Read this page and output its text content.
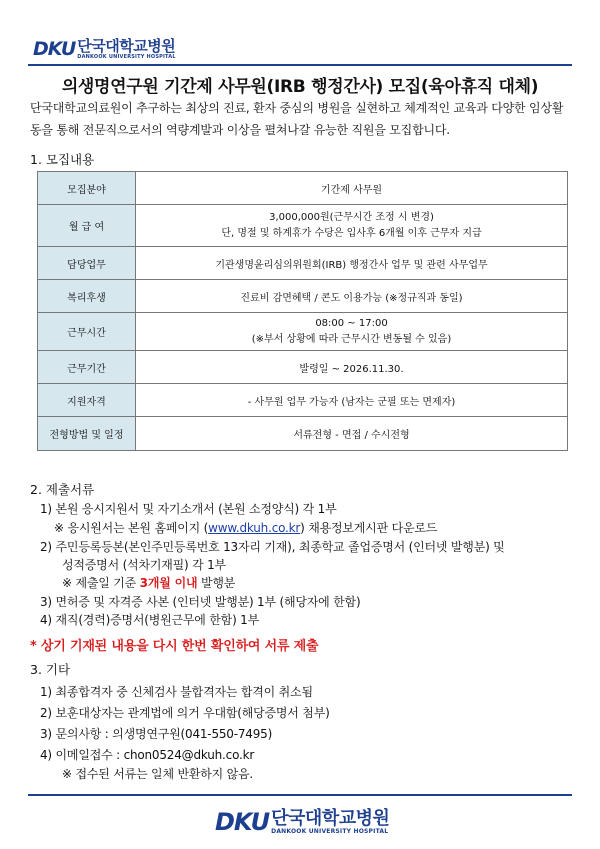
DKU 단국대학교병원
DANKOOK UNIVERSITY HOSPITAL
의생명연구원 기간제 사무원(IRB 행정간사) 모집(육아휴직 대체)
단국대학교의료원이 추구하는 최상의 진료, 환자 중심의 병원을 실현하고 체계적인 교육과 다양한 임상활동을 통해 전문직으로서의 역량계발과 이상을 펼쳐나갈 유능한 직원을 모집합니다.
1. 모집내용
모집분야	기간제 사무원
월 급 여	3,000,000원(근무시간 조정 시 변경)
단, 명절 및 하계휴가 수당은 입사후 6개월 이후 근무자 지급

담당업무	기관생명윤리심의위원회(IRB) 행정간사 업무 및 관련 사무업무
복리후생	진료비 감면혜택 / 콘도 이용가능 (※정규직과 동일)
근무시간	08:00 ~ 17:00
(※부서 상황에 따라 근무시간 변동될 수 있음)

근무기간	발령일 ~ 2026.11.30.
지원자격	- 사무원 업무 가능자 (남자는 군필 또는 면제자)
전형방법 및 일정	서류전형 - 면접 / 수시전형
2. 제출서류
1) 본원 응시지원서 및 자기소개서 (본원 소정양식) 각 1부
※ 응시원서는 본원 홈페이지 (www.dkuh.co.kr) 채용정보게시판 다운로드
2) 주민등록등본(본인주민등록번호 13자리 기재), 최종학교 졸업증명서 (인터넷 발행분) 및
성적증명서 (석차기재필) 각 1부
※ 제출일 기준 3개월 이내 발행분
3) 면허증 및 자격증 사본 (인터넷 발행분) 1부 (해당자에 한함)
4) 재직(경력)증명서(병원근무에 한함) 1부
* 상기 기재된 내용을 다시 한번 확인하여 서류 제출
3. 기타
1) 최종합격자 중 신체검사 불합격자는 합격이 취소됨
2) 보훈대상자는 관계법에 의거 우대함(해당증명서 첨부)
3) 문의사항 : 의생명연구원(041-550-7495)
4) 이메일접수 : chon0524@dkuh.co.kr
※ 접수된 서류는 일체 반환하지 않음.
DKU 단국대학교병원
DANKOOK UNIVERSITY HOSPITAL
